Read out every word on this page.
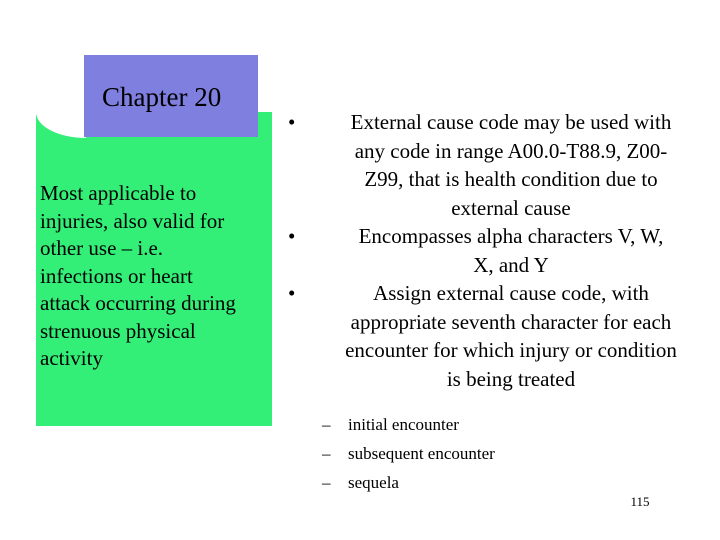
Most applicable to
injuries, also valid for
other use – i.e.
infections or heart
attack occurring during
strenuous physical
activity
Chapter 20
•	External cause code may be used with
any code in range A00.0-T88.9, Z00-
Z99, that is health condition due to
external cause
•	Encompasses alpha characters V, W,
X, and Y
•	Assign external cause code, with
appropriate seventh character for each
encounter for which injury or condition
is being treated
– initial encounter
– subsequent encounter
– sequela
115
